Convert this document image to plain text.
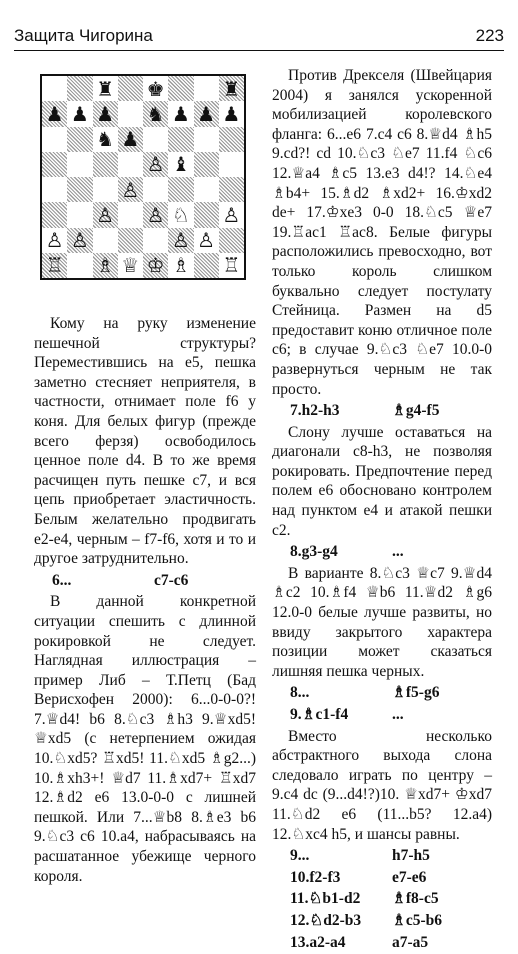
Защита Чигорина	223
♜ ♚	♜
♟ ♟ ♟ ♞ ♟ ♟ ♟
♞ ♟
♙ ♝
♙
♙ ♙ ♘ ♙
♙ ♙	♙ ♙
♖ ♗ ♕ ♔ ♗ ♖

Кому на руку изменение пешечной структуры? Переместившись на е5, пешка заметно стесняет неприятеля, в частности, отнимает поле f6 у коня. Для белых фигур (прежде всего ферзя) освободилось ценное поле d4. В то же время расчищен путь пешке с7, и вся цепь приобретает эластичность. Белым желательно продвигать е2-е4, черным – f7-f6, хотя и то и другое затруднительно.

6...	с7-с6

В данной конкретной ситуации спешить с длинной рокировкой не следует. Наглядная иллюстрация – пример Либ – Т.Петц (Бад Верисхофен 2000): 6...0-0-0?! 7.♕d4! b6 8.♘c3 ♗h3 9.♕xd5! ♕xd5 (с нетерпением ожидая 10.♘xd5? ♖xd5! 11.♘xd5 ♗g2...) 10.♗xh3+! ♕d7 11.♗xd7+ ♖xd7 12.♗d2 е6 13.0-0-0 с лишней пешкой. Или 7...♕b8 8.♗e3 b6 9.♘c3 с6 10.а4, набрасываясь на расшатанное убежище черного короля.

Против Дрекселя (Швейцария 2004) я занялся ускоренной мобилизацией королевского фланга: 6...е6 7.с4 с6 8.♕d4 ♗h5 9.cd?! cd 10.♘c3 ♘e7 11.f4 ♘c6 12.♕a4 ♗c5 13.e3 d4!? 14.♘e4 ♗b4+ 15.♗d2 ♗xd2+ 16.♔xd2 de+ 17.♔xe3 0-0 18.♘c5 ♕e7 19.♖ac1 ♖ac8. Белые фигуры расположились превосходно, вот только король слишком буквально следует постулату Стейница. Размен на d5 предоставит коню отличное поле с6; в случае 9.♘c3 ♘e7 10.0-0 развернуться черным не так просто.

7.h2-h3	♗g4-f5

Слону лучше оставаться на диагонали с8-h3, не позволяя рокировать. Предпочтение перед полем е6 обосновано контролем над пунктом е4 и атакой пешки с2.

8.g3-g4	...

В варианте 8.♘c3 ♕c7 9.♕d4 ♗c2 10.♗f4 ♕b6 11.♕d2 ♗g6 12.0-0 белые лучше развиты, но ввиду закрытого характера позиции может сказаться лишняя пешка черных.

8...	♗f5-g6
9.♗c1-f4	...

Вместо несколько абстрактного выхода слона следовало играть по центру – 9.с4 dc (9...d4!?)10. ♕xd7+ ♔xd7 11.♘d2 е6 (11...b5? 12.а4) 12.♘xc4 h5, и шансы равны.

9...	h7-h5
10.f2-f3	е7-е6
11.♘b1-d2	♗f8-c5
12.♘d2-b3	♗c5-b6
13.a2-a4	a7-a5
